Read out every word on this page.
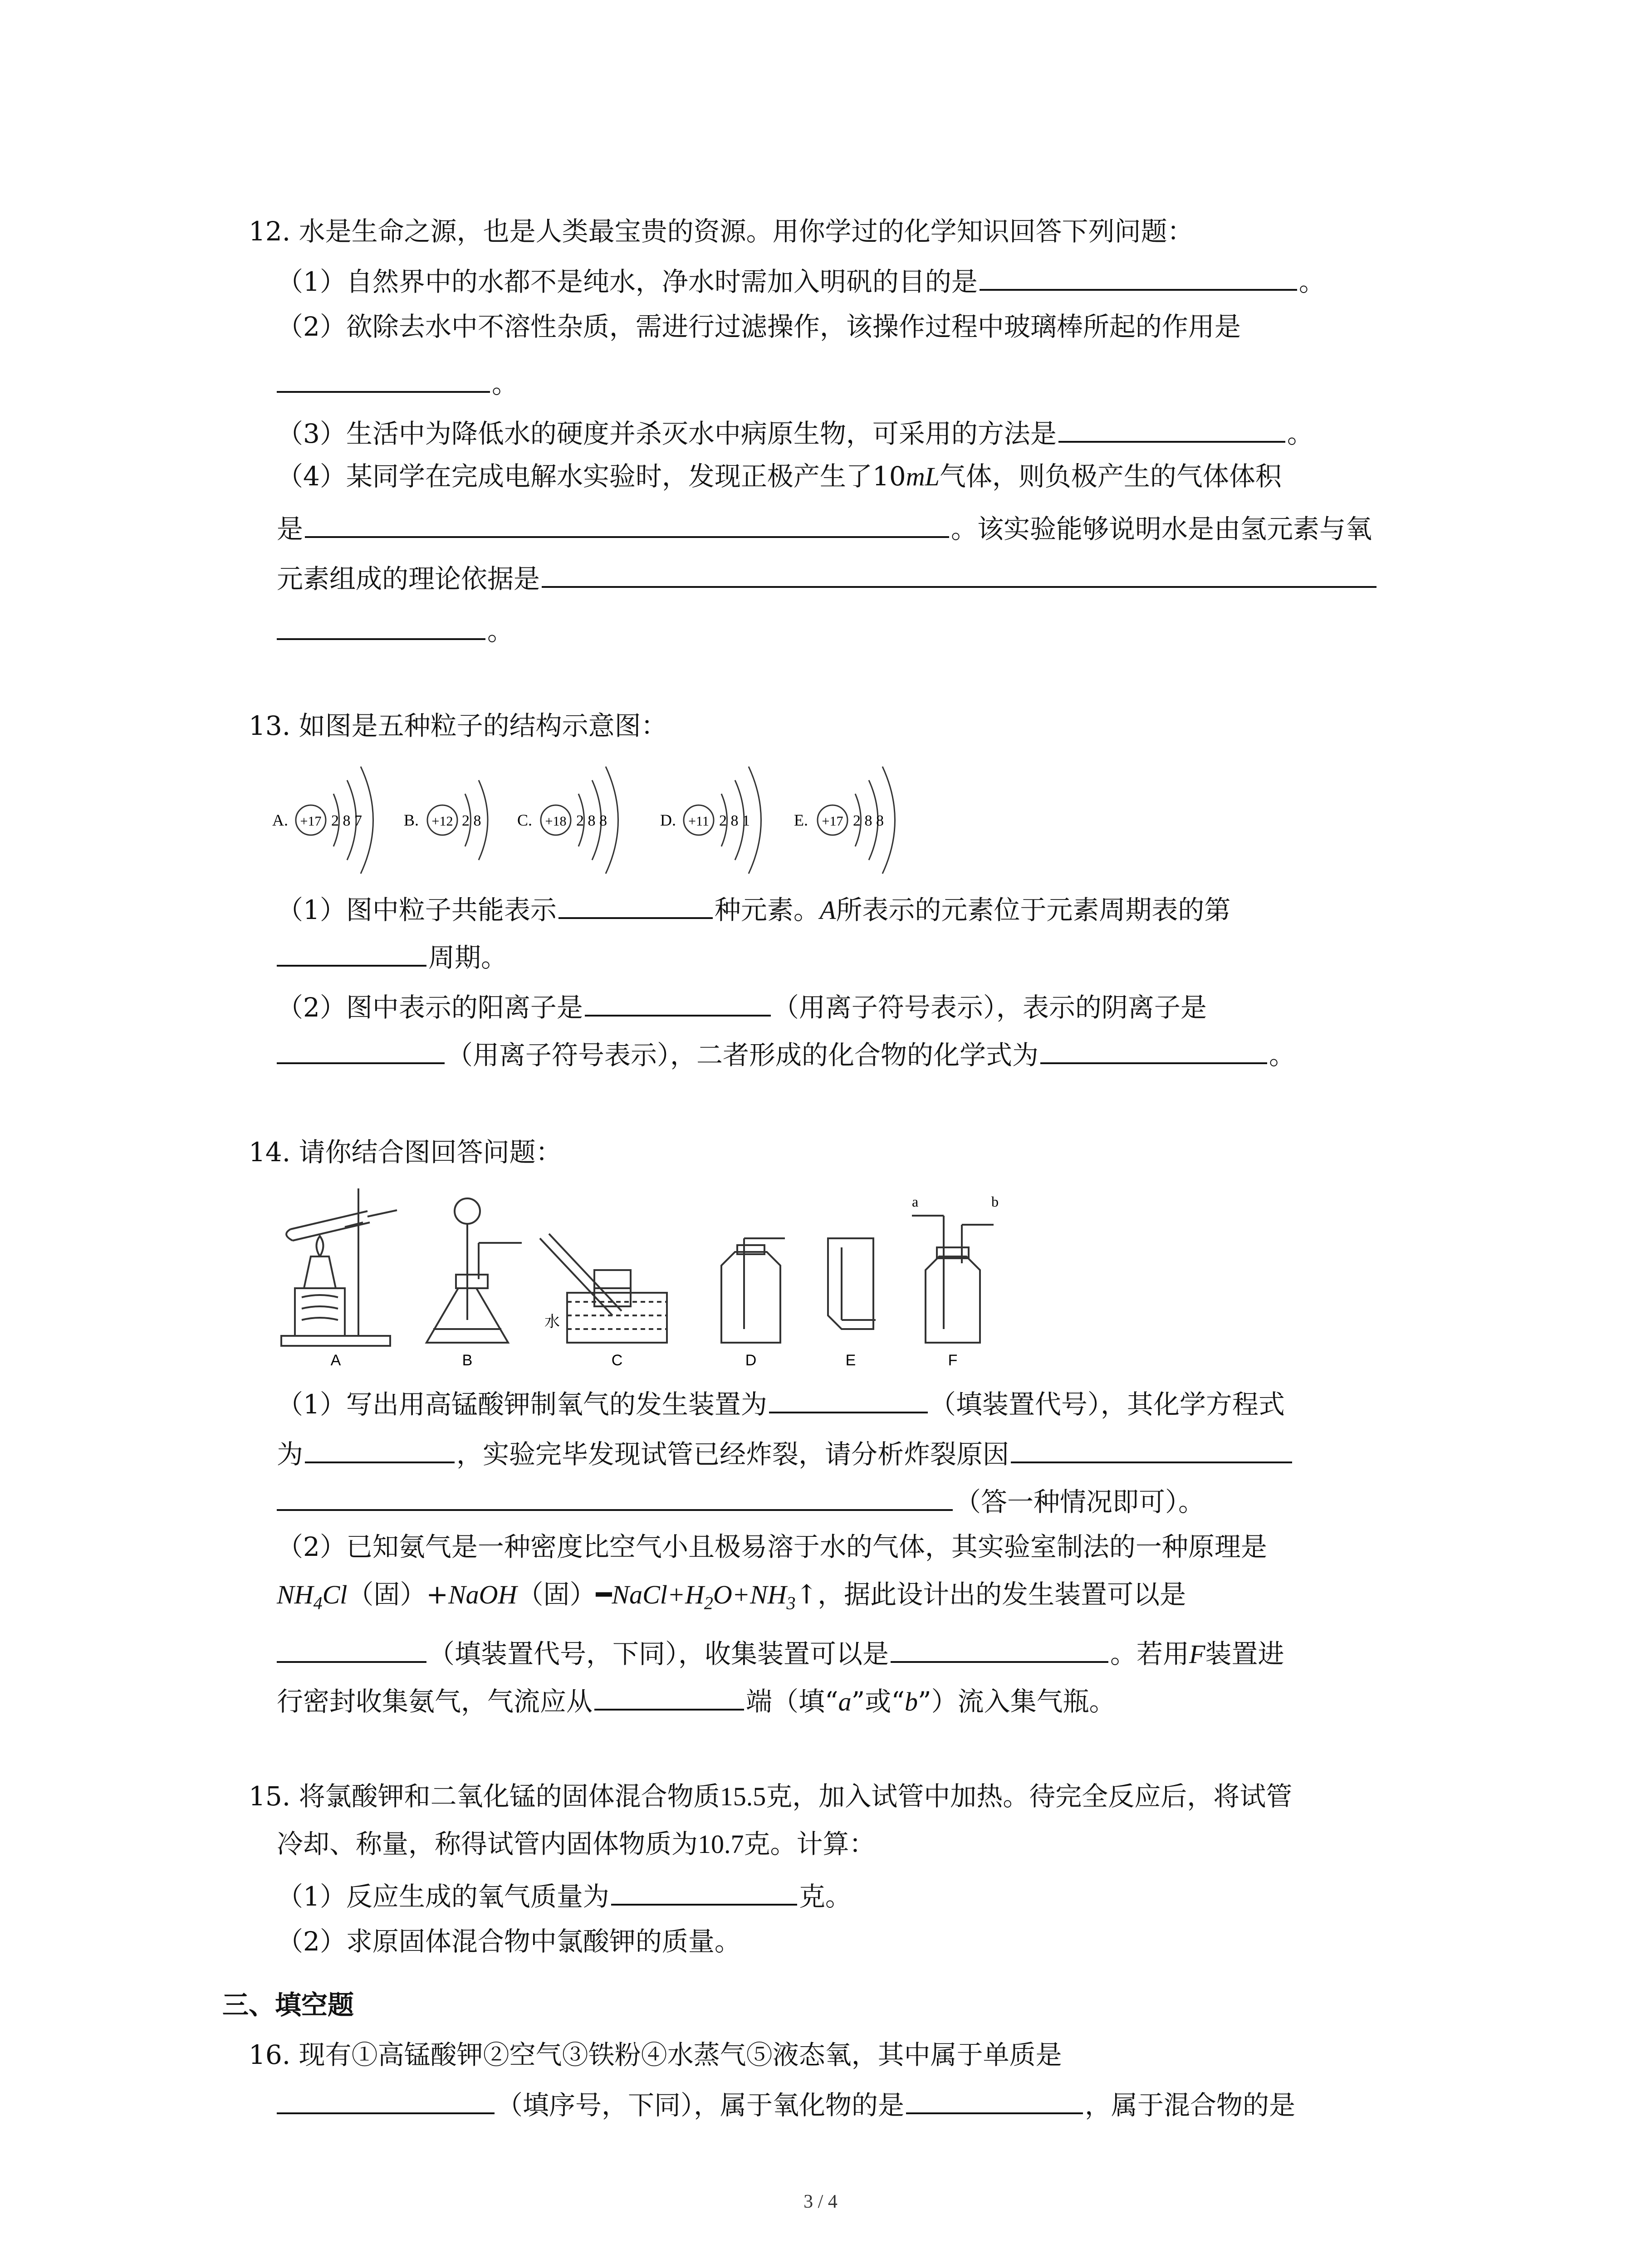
12. 水是生命之源，也是人类最宝贵的资源。用你学过的化学知识回答下列问题：
（1）自然界中的水都不是纯水，净水时需加入明矾的目的是	。
（2）欲除去水中不溶性杂质，需进行过滤操作，该操作过程中玻璃棒所起的作用是
。
（3）生活中为降低水的硬度并杀灭水中病原生物，可采用的方法是	。
（4）某同学在完成电解水实验时，发现正极产生了10mL气体，则负极产生的气体体积
是	。该实验能够说明水是由氢元素与氧
元素组成的理论依据是
。
13. 如图是五种粒子的结构示意图：
A. +17 2 8 7	B. +12 2 8 C. +18 2 8 8	D. +11 2 8 1	E. +17 2 8 8
（1）图中粒子共能表示	种元素。A所表示的元素位于元素周期表的第
周期。
（2）图中表示的阳离子是	（用离子符号表示），表示的阴离子是
（用离子符号表示），二者形成的化合物的化学式为	。
14. 请你结合图回答问题：
A	B
水
C	D	E
a	b
F
（1）写出用高锰酸钾制氧气的发生装置为	（填装置代号），其化学方程式
为	，实验完毕发现试管已经炸裂，请分析炸裂原因
（答一种情况即可）。
（2）已知氨气是一种密度比空气小且极易溶于水的气体，其实验室制法的一种原理是
$NH_4Cl$（固）+NaOH（固）$━NaCl+H_2O+NH_3↑$，据此设计出的发生装置可以是
（填装置代号，下同），收集装置可以是	。若用F装置进
行密封收集氨气，气流应从	端（填“a”或“b”）流入集气瓶。
15. 将氯酸钾和二氧化锰的固体混合物质15.5克，加入试管中加热。待完全反应后，将试管
冷却、称量，称得试管内固体物质为10.7克。计算：
（1）反应生成的氧气质量为	克。
（2）求原固体混合物中氯酸钾的质量。
三、填空题
16. 现有①高锰酸钾②空气③铁粉④水蒸气⑤液态氧，其中属于单质是
（填序号，下同），属于氧化物的是	，属于混合物的是
3 / 4
